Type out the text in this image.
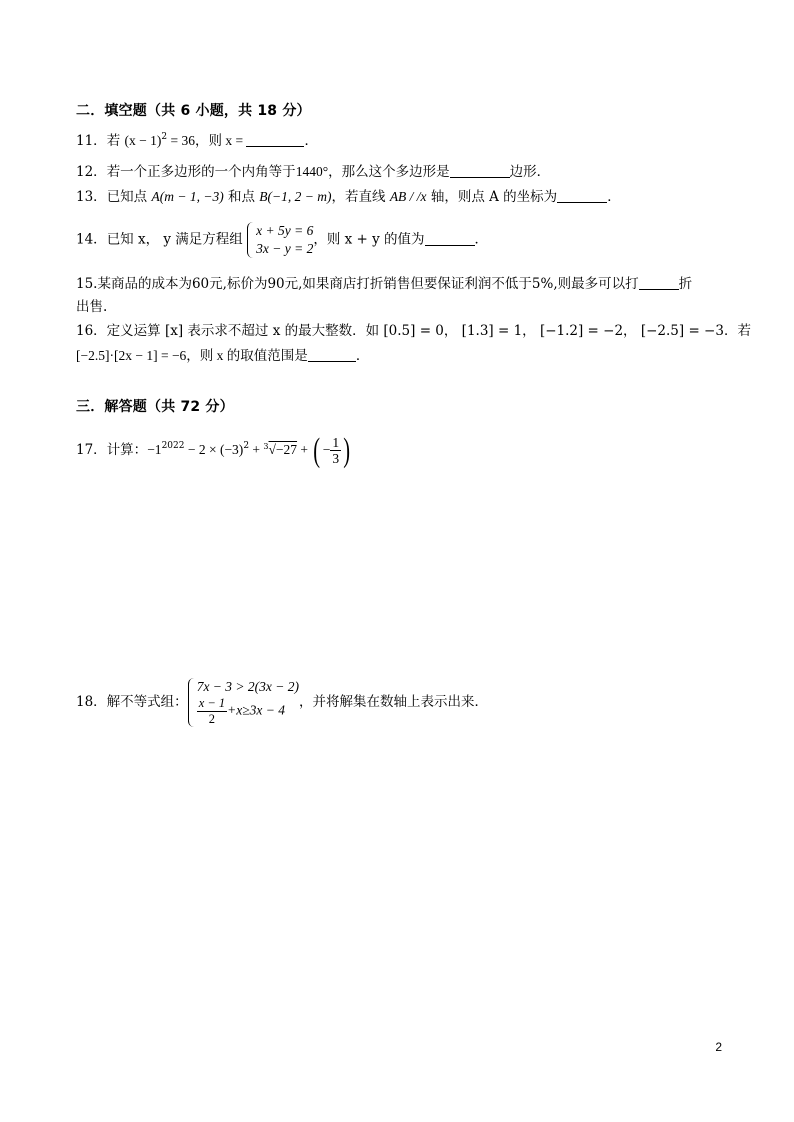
二．填空题（共 6 小题，共 18 分）
11．若 $(x - 1)^2 = 36$，则 x =	．
12．若一个正多边形的一个内角等于1440°，那么这个多边形是	边形．
13．已知点 A(m − 1, −3) 和点 B(−1, 2 − m)，若直线 AB / /x 轴，则点 A 的坐标为	．
14．已知 x， y 满足方程组
x + 5y = 6
3x − y = 2
，则 x + y 的值为	．
15.某商品的成本为60元,标价为90元,如果商店打折销售但要保证利润不低于5%,则最多可以打	折
出售.
16．定义运算 [x] 表示求不超过 x 的最大整数．如 [0.5] = 0， [1.3] = 1， [−1.2] = −2， [−2.5] = −3．若
[−2.5]·[2x − 1] = −6，则 x 的取值范围是	．
三．解答题（共 72 分）
17．计算：$-1^{2022} - 2 \times (-3)^2 + ^3√-27$ + ( − $\frac{1}{3}$ )
18． 解不等式组：
7x − 3 > 2(3x − 2)
$\frac{x - 1}{2} +x\ge 3x - 4$	，并将解集在数轴上表示出来．
2
